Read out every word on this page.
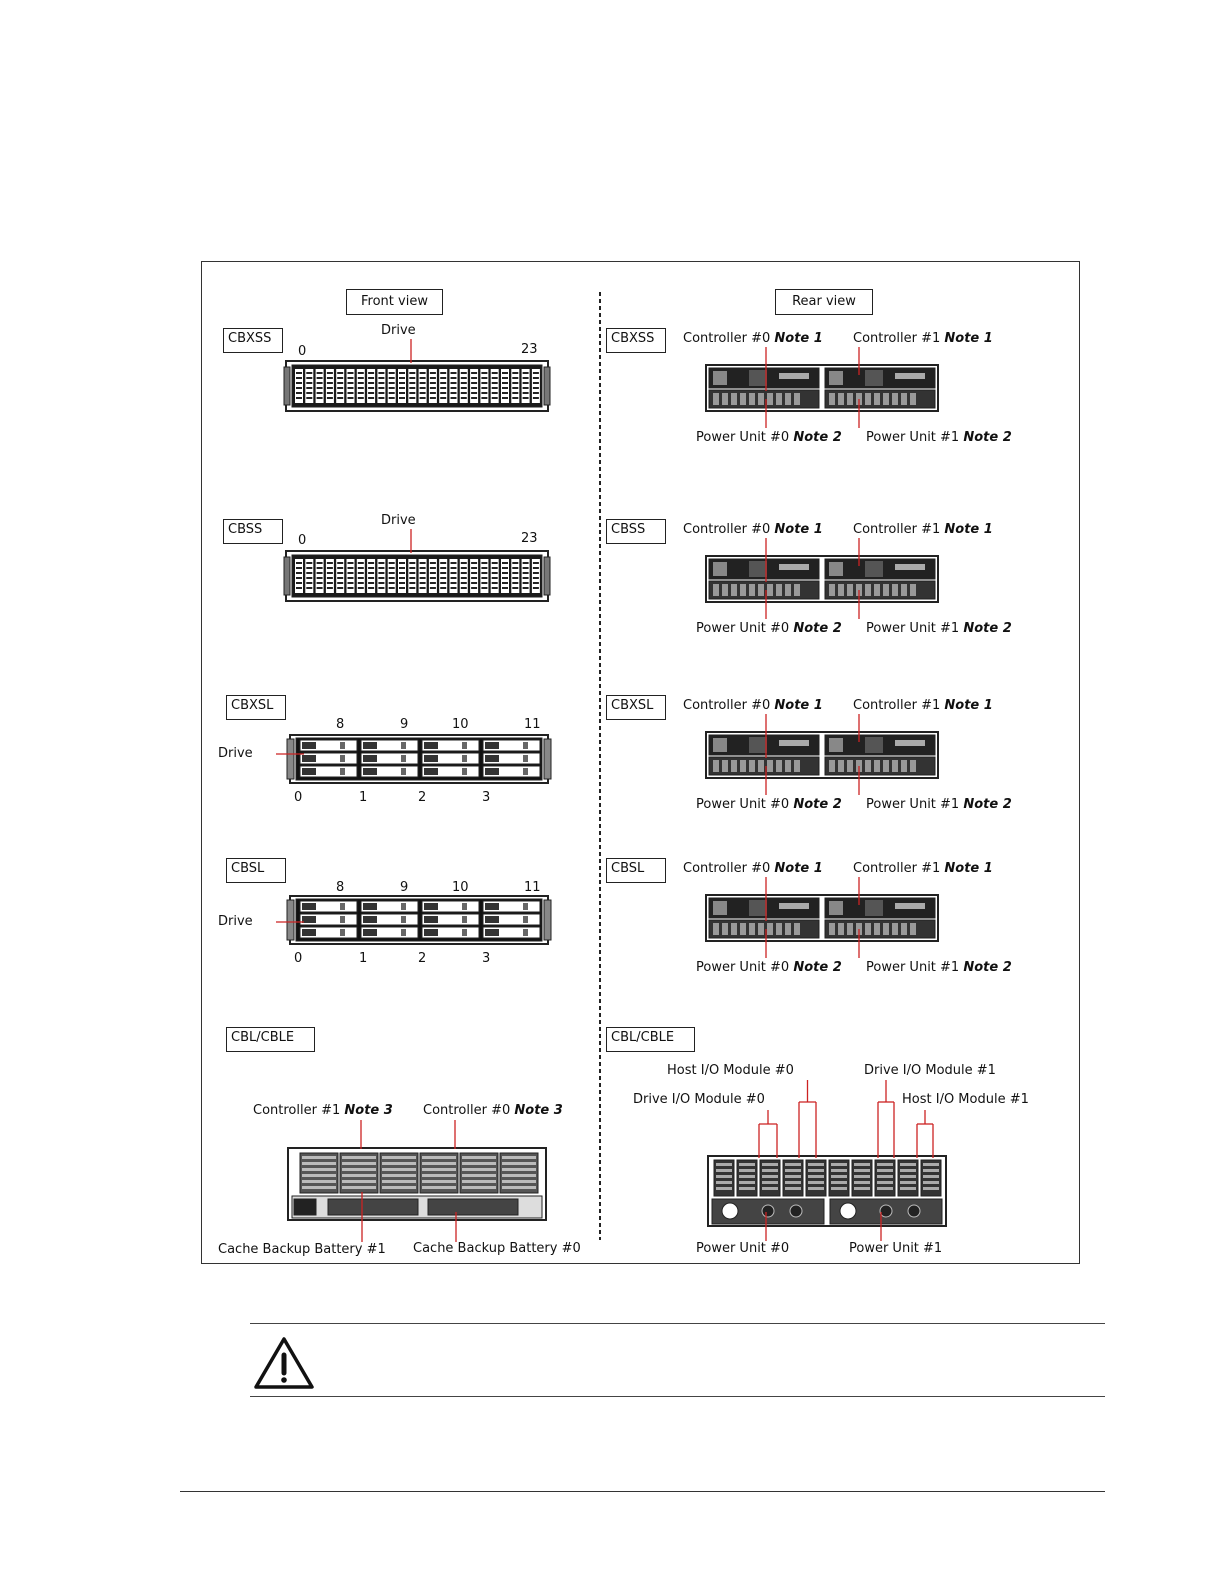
Front view	Rear view
CBXSS
CBSS
CBXSL
CBSL
CBL/CBLE
CBXSS
CBSS
CBXSL
CBSL
CBL/CBLE
Drive
0	23
Drive
0	23
8	9	10	11
Drive
0	1	2	3
8	9	10	11
Drive
0	1	2	3
Controller #1 Note 3 Controller #0 Note 3
Cache Backup Battery #1 Cache Backup Battery #0
Controller #0 Note 1 Controller #1 Note 1
Power Unit #0 Note 2 Power Unit #1 Note 2
Controller #0 Note 1 Controller #1 Note 1
Power Unit #0 Note 2 Power Unit #1 Note 2
Controller #0 Note 1 Controller #1 Note 1
Power Unit #0 Note 2 Power Unit #1 Note 2
Controller #0 Note 1 Controller #1 Note 1
Power Unit #0 Note 2 Power Unit #1 Note 2
Host I/O Module #0	Drive I/O Module #1
Drive I/O Module #0	Host I/O Module #1
Power Unit #0	Power Unit #1
